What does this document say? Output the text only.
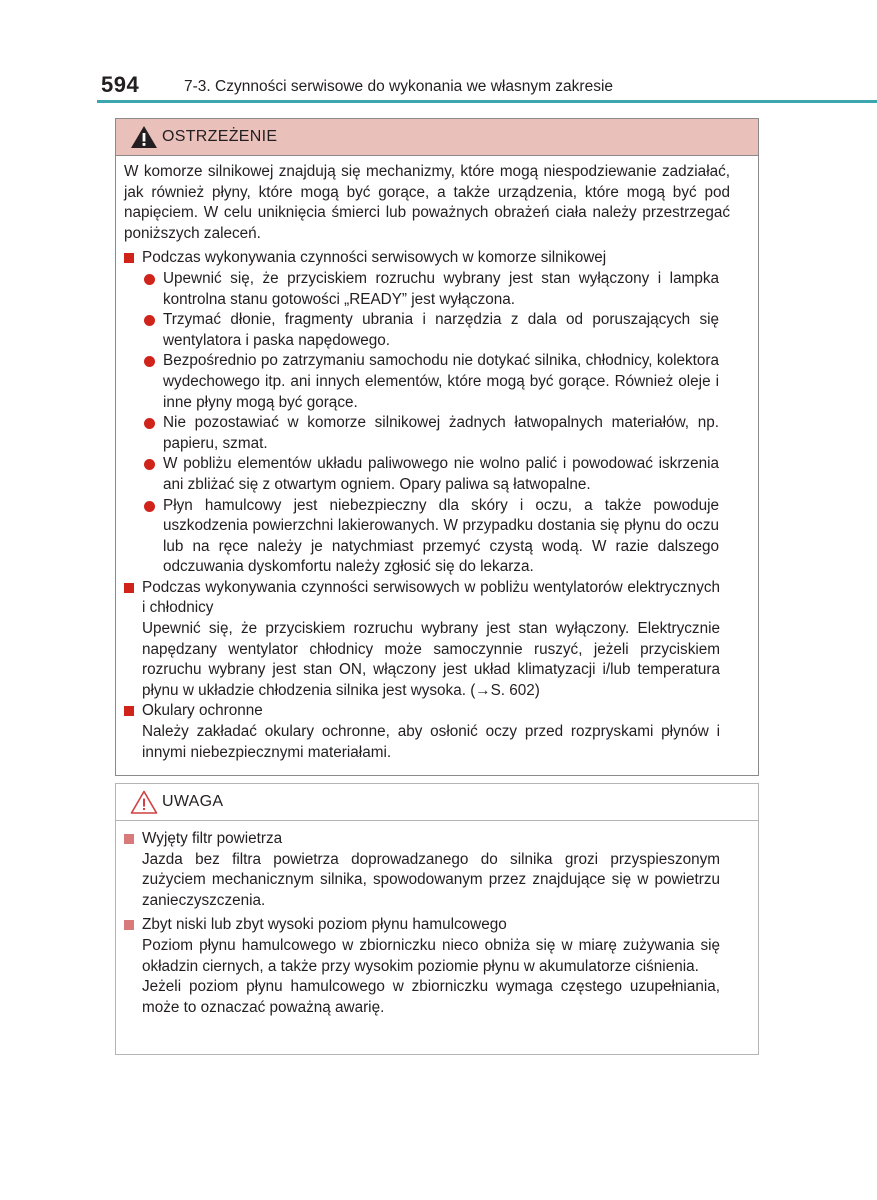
594	7-3. Czynności serwisowe do wykonania we własnym zakresie
OSTRZEŻENIE
W komorze silnikowej znajdują się mechanizmy, które mogą niespodziewanie zadziałać, jak również płyny, które mogą być gorące, a także urządzenia, które mogą być pod napięciem. W celu uniknięcia śmierci lub poważnych obrażeń ciała należy przestrzegać poniższych zaleceń.
Podczas wykonywania czynności serwisowych w komorze silnikowej
Upewnić się, że przyciskiem rozruchu wybrany jest stan wyłączony i lampka kontrolna stanu gotowości „READY” jest wyłączona.
Trzymać dłonie, fragmenty ubrania i narzędzia z dala od poruszających się wentylatora i paska napędowego.
Bezpośrednio po zatrzymaniu samochodu nie dotykać silnika, chłodnicy, kolektora wydechowego itp. ani innych elementów, które mogą być gorące. Również oleje i inne płyny mogą być gorące.
Nie pozostawiać w komorze silnikowej żadnych łatwopalnych materiałów, np. papieru, szmat.
W pobliżu elementów układu paliwowego nie wolno palić i powodować iskrzenia ani zbliżać się z otwartym ogniem. Opary paliwa są łatwopalne.
Płyn hamulcowy jest niebezpieczny dla skóry i oczu, a także powoduje uszkodzenia powierzchni lakierowanych. W przypadku dostania się płynu do oczu lub na ręce należy je natychmiast przemyć czystą wodą. W razie dalszego odczuwania dyskomfortu należy zgłosić się do lekarza.
Podczas wykonywania czynności serwisowych w pobliżu wentylatorów elektrycznych i chłodnicy
Upewnić się, że przyciskiem rozruchu wybrany jest stan wyłączony. Elektrycznie napędzany wentylator chłodnicy może samoczynnie ruszyć, jeżeli przyciskiem rozruchu wybrany jest stan ON, włączony jest układ klimatyzacji i/lub temperatura płynu w układzie chłodzenia silnika jest wysoka. (→S. 602)
Okulary ochronne
Należy zakładać okulary ochronne, aby osłonić oczy przed rozpryskami płynów i innymi niebezpiecznymi materiałami.
UWAGA
Wyjęty filtr powietrza
Jazda bez filtra powietrza doprowadzanego do silnika grozi przyspieszonym zużyciem mechanicznym silnika, spowodowanym przez znajdujące się w powietrzu zanieczyszczenia.
Zbyt niski lub zbyt wysoki poziom płynu hamulcowego
Poziom płynu hamulcowego w zbiorniczku nieco obniża się w miarę zużywania się okładzin ciernych, a także przy wysokim poziomie płynu w akumulatorze ciśnienia.
Jeżeli poziom płynu hamulcowego w zbiorniczku wymaga częstego uzupełniania, może to oznaczać poważną awarię.
